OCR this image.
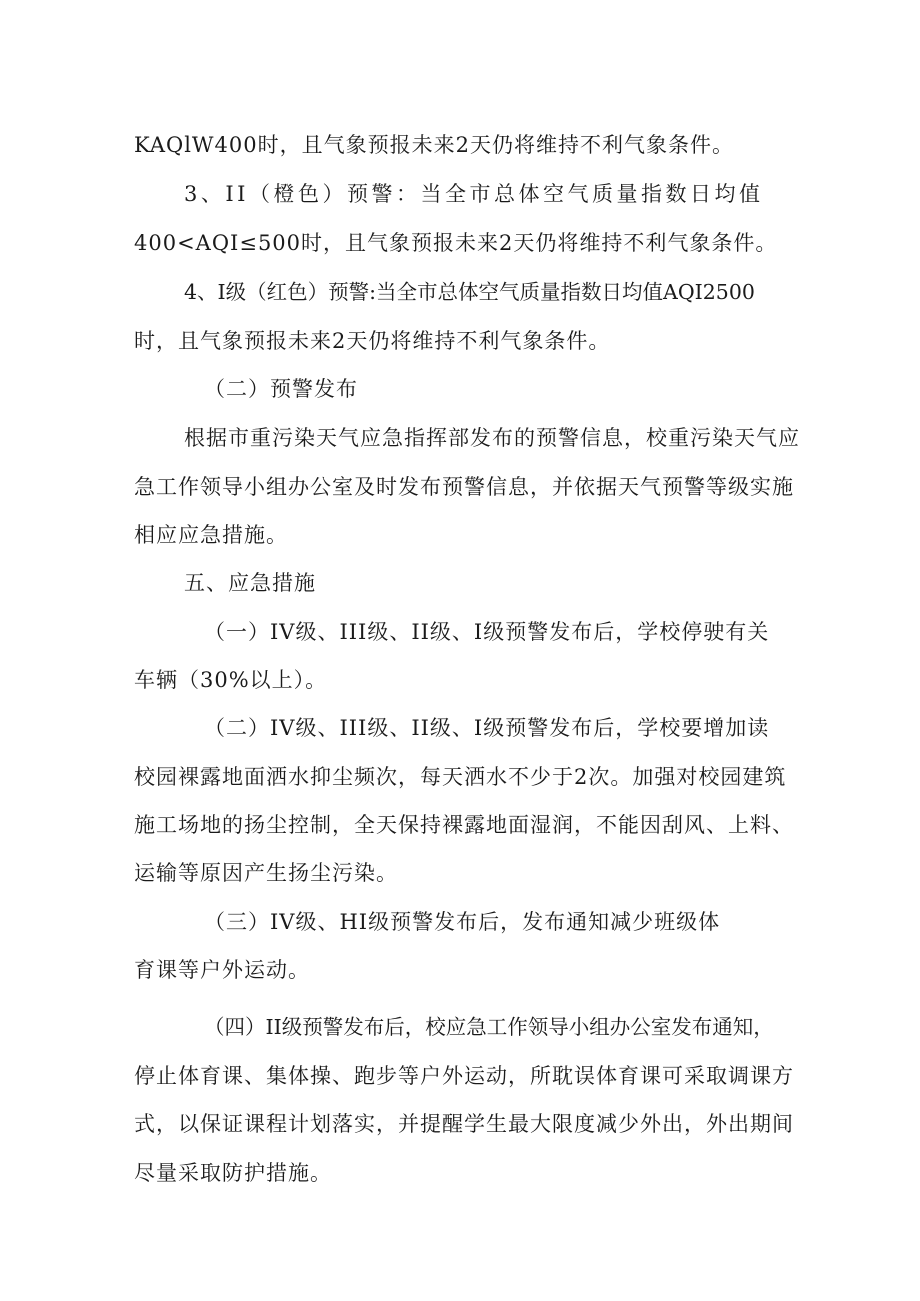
KAQlW400时，且气象预报未来2天仍将维持不利气象条件。
3、II（橙色）预警：当全市总体空气质量指数日均值
400<AQI≤500时，且气象预报未来2天仍将维持不利气象条件。
4、I级（红色）预警:当全市总体空气质量指数日均值AQI2500
时，且气象预报未来2天仍将维持不利气象条件。
（二）预警发布
根据市重污染天气应急指挥部发布的预警信息，校重污染天气应
急工作领导小组办公室及时发布预警信息，并依据天气预警等级实施
相应应急措施。
五、应急措施
（一）IV级、III级、II级、I级预警发布后，学校停驶有关
车辆（30%以上）。
（二）IV级、III级、II级、I级预警发布后，学校要增加读
校园裸露地面洒水抑尘频次，每天洒水不少于2次。加强对校园建筑
施工场地的扬尘控制，全天保持裸露地面湿润，不能因刮风、上料、
运输等原因产生扬尘污染。
（三）IV级、HI级预警发布后，发布通知减少班级体
育课等户外运动。
（四）II级预警发布后，校应急工作领导小组办公室发布通知，
停止体育课、集体操、跑步等户外运动，所耽误体育课可采取调课方
式，以保证课程计划落实，并提醒学生最大限度减少外出，外出期间
尽量采取防护措施。
